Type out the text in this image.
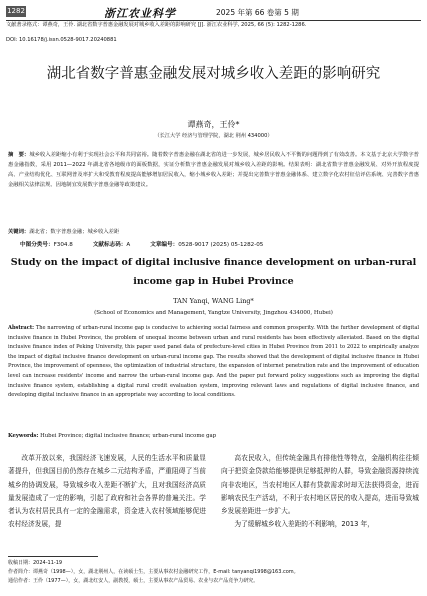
1282	浙江农业科学	2025 年第 66 卷第 5 期
文献著录格式：谭燕奇，王伶. 湖北省数字普惠金融发展对城乡收入差距的影响研究 [J]. 浙江农业科学, 2025, 66 (5): 1282-1286.
DOI: 10.16178/j.issn.0528-9017.20240881
湖北省数字普惠金融发展对城乡收入差距的影响研究
谭燕奇，王伶*
（长江大学 经济与管理学院，湖北 荆州 434000）
摘　要：城乡收入差距缩小有利于实现社会公平和共同富裕。随着数字普惠金融在湖北省的进一步发展，城乡居民收入不平衡的问题得到了有效改善。本文基于北京大学数字普惠金融指数，采用 2011—2022 年湖北省各地级市的面板数据，实证分析数字普惠金融发展对城乡收入差距的影响。结果表明：湖北省数字普惠金融发展、对外开放程度提高、产业结构优化、互联网普及率扩大和受教育程度提高能够增加居民收入，缩小城乡收入差距；并提出完善数字普惠金融体系、建立数字化农村征信评估系统、完善数字普惠金融相关法律法规、因地制宜发展数字普惠金融等政策建议。
关键词：湖北省；数字普惠金融；城乡收入差距
中图分类号：F304.8	文献标志码：A	文章编号：0528-9017 (2025) 05-1282-05
Study on the impact of digital inclusive finance development on urban-rural income gap in Hubei Province
TAN Yanqi, WANG Ling*
(School of Economics and Management, Yangtze University, Jingzhou 434000, Hubei)
Abstract: The narrowing of urban-rural income gap is conducive to achieving social fairness and common prosperity. With the further development of digital inclusive finance in Hubei Province, the problem of unequal income between urban and rural residents has been effectively alleviated. Based on the digital inclusive finance index of Peking University, this paper used panel data of prefecture-level cities in Hubei Province from 2011 to 2022 to empirically analyze the impact of digital inclusive finance development on urban-rural income gap. The results showed that the development of digital inclusive finance in Hubei Province, the improvement of openness, the optimization of industrial structure, the expansion of internet penetration rate and the improvement of education level can increase residents' income and narrow the urban-rural income gap. And the paper put forward policy suggestions such as improving the digital inclusive finance system, establishing a digital rural credit evaluation system, improving relevant laws and regulations of digital inclusive finance, and developing digital inclusive finance in an appropriate way according to local conditions.
Keywords: Hubei Province; digital inclusive finance; urban-rural income gap
改革开放以来，我国经济飞速发展，人民的生活水平和质量显著提升，但我国目前仍然存在城乡二元结构矛盾，严重阻碍了当前城乡的协调发展，导致城乡收入差距不断扩大，且对我国经济高质量发展造成了一定的影响，引起了政府和社会各界的普遍关注。学者认为农村居民具有一定的金融需求，资金进入农村领域能够促进农村经济发展，提
高农民收入，但传统金融具有排他性等特点，金融机构往往倾向于把资金贷款给能够提供足够抵押的人群，导致金融资源持续流向非农地区，当农村地区人群有贷款需求时却无法获得资金，进而影响农民生产活动，不利于农村地区居民的收入提高，进而导致城乡发展差距进一步扩大。
为了缓解城乡收入差距的不利影响，2013 年，
收稿日期：2024-11-19
作者简介：谭燕奇（1998—），女，湖北荆州人，在读硕士生，主要从事农村金融研究工作，E-mail: tanyanqi1998@163.com。
通信作者：王伶（1977—），女，湖北红安人，副教授，硕士，主要从事农产品贸易、农业与农产品竞争力研究。
